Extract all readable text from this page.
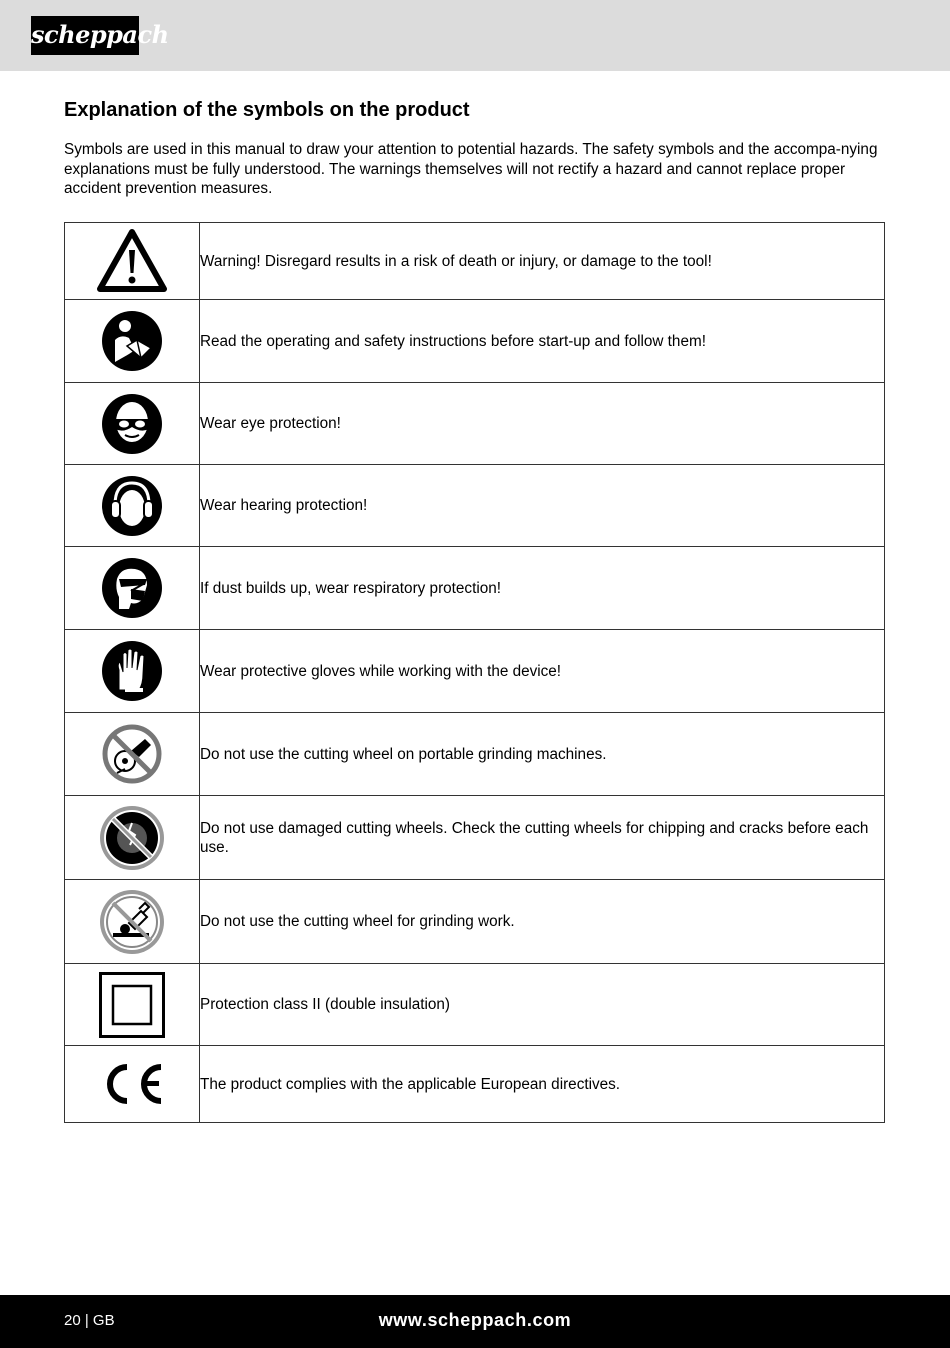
scheppach
Explanation of the symbols on the product

Symbols are used in this manual to draw your attention to potential hazards. The safety symbols and the accompa-nying explanations must be fully understood. The warnings themselves will not rectify a hazard and cannot replace proper accident prevention measures.

	Warning! Disregard results in a risk of death or injury, or damage to the tool!

	Read the operating and safety instructions before start-up and follow them!

	Wear eye protection!

	Wear hearing protection!

	If dust builds up, wear respiratory protection!

	Wear protective gloves while working with the device!

	Do not use the cutting wheel on portable grinding machines.

	Do not use damaged cutting wheels. Check the cutting wheels for chipping and cracks before each use.

	Do not use the cutting wheel for grinding work.

	Protection class II (double insulation)

	The product complies with the applicable European directives.
20 | GB	www.scheppach.com
